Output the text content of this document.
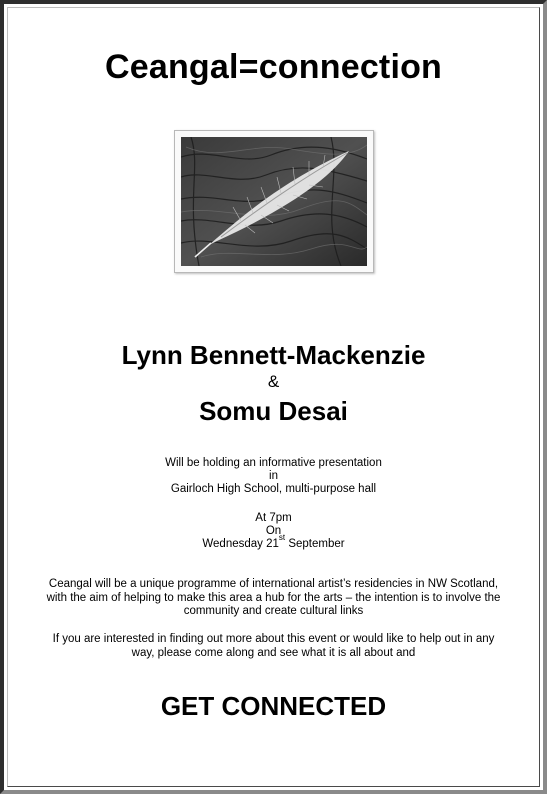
Ceangal=connection
Lynn Bennett-Mackenzie
&
Somu Desai
Will be holding an informative presentation
in
Gairloch High School, multi-purpose hall
At 7pm
On
Wednesday 21st September
Ceangal will be a unique programme of international artist’s residencies in NW Scotland, with the aim of helping to make this area a hub for the arts – the intention is to involve the community and create cultural links
If you are interested in finding out more about this event or would like to help out in any way, please come along and see what it is all about and
GET CONNECTED
